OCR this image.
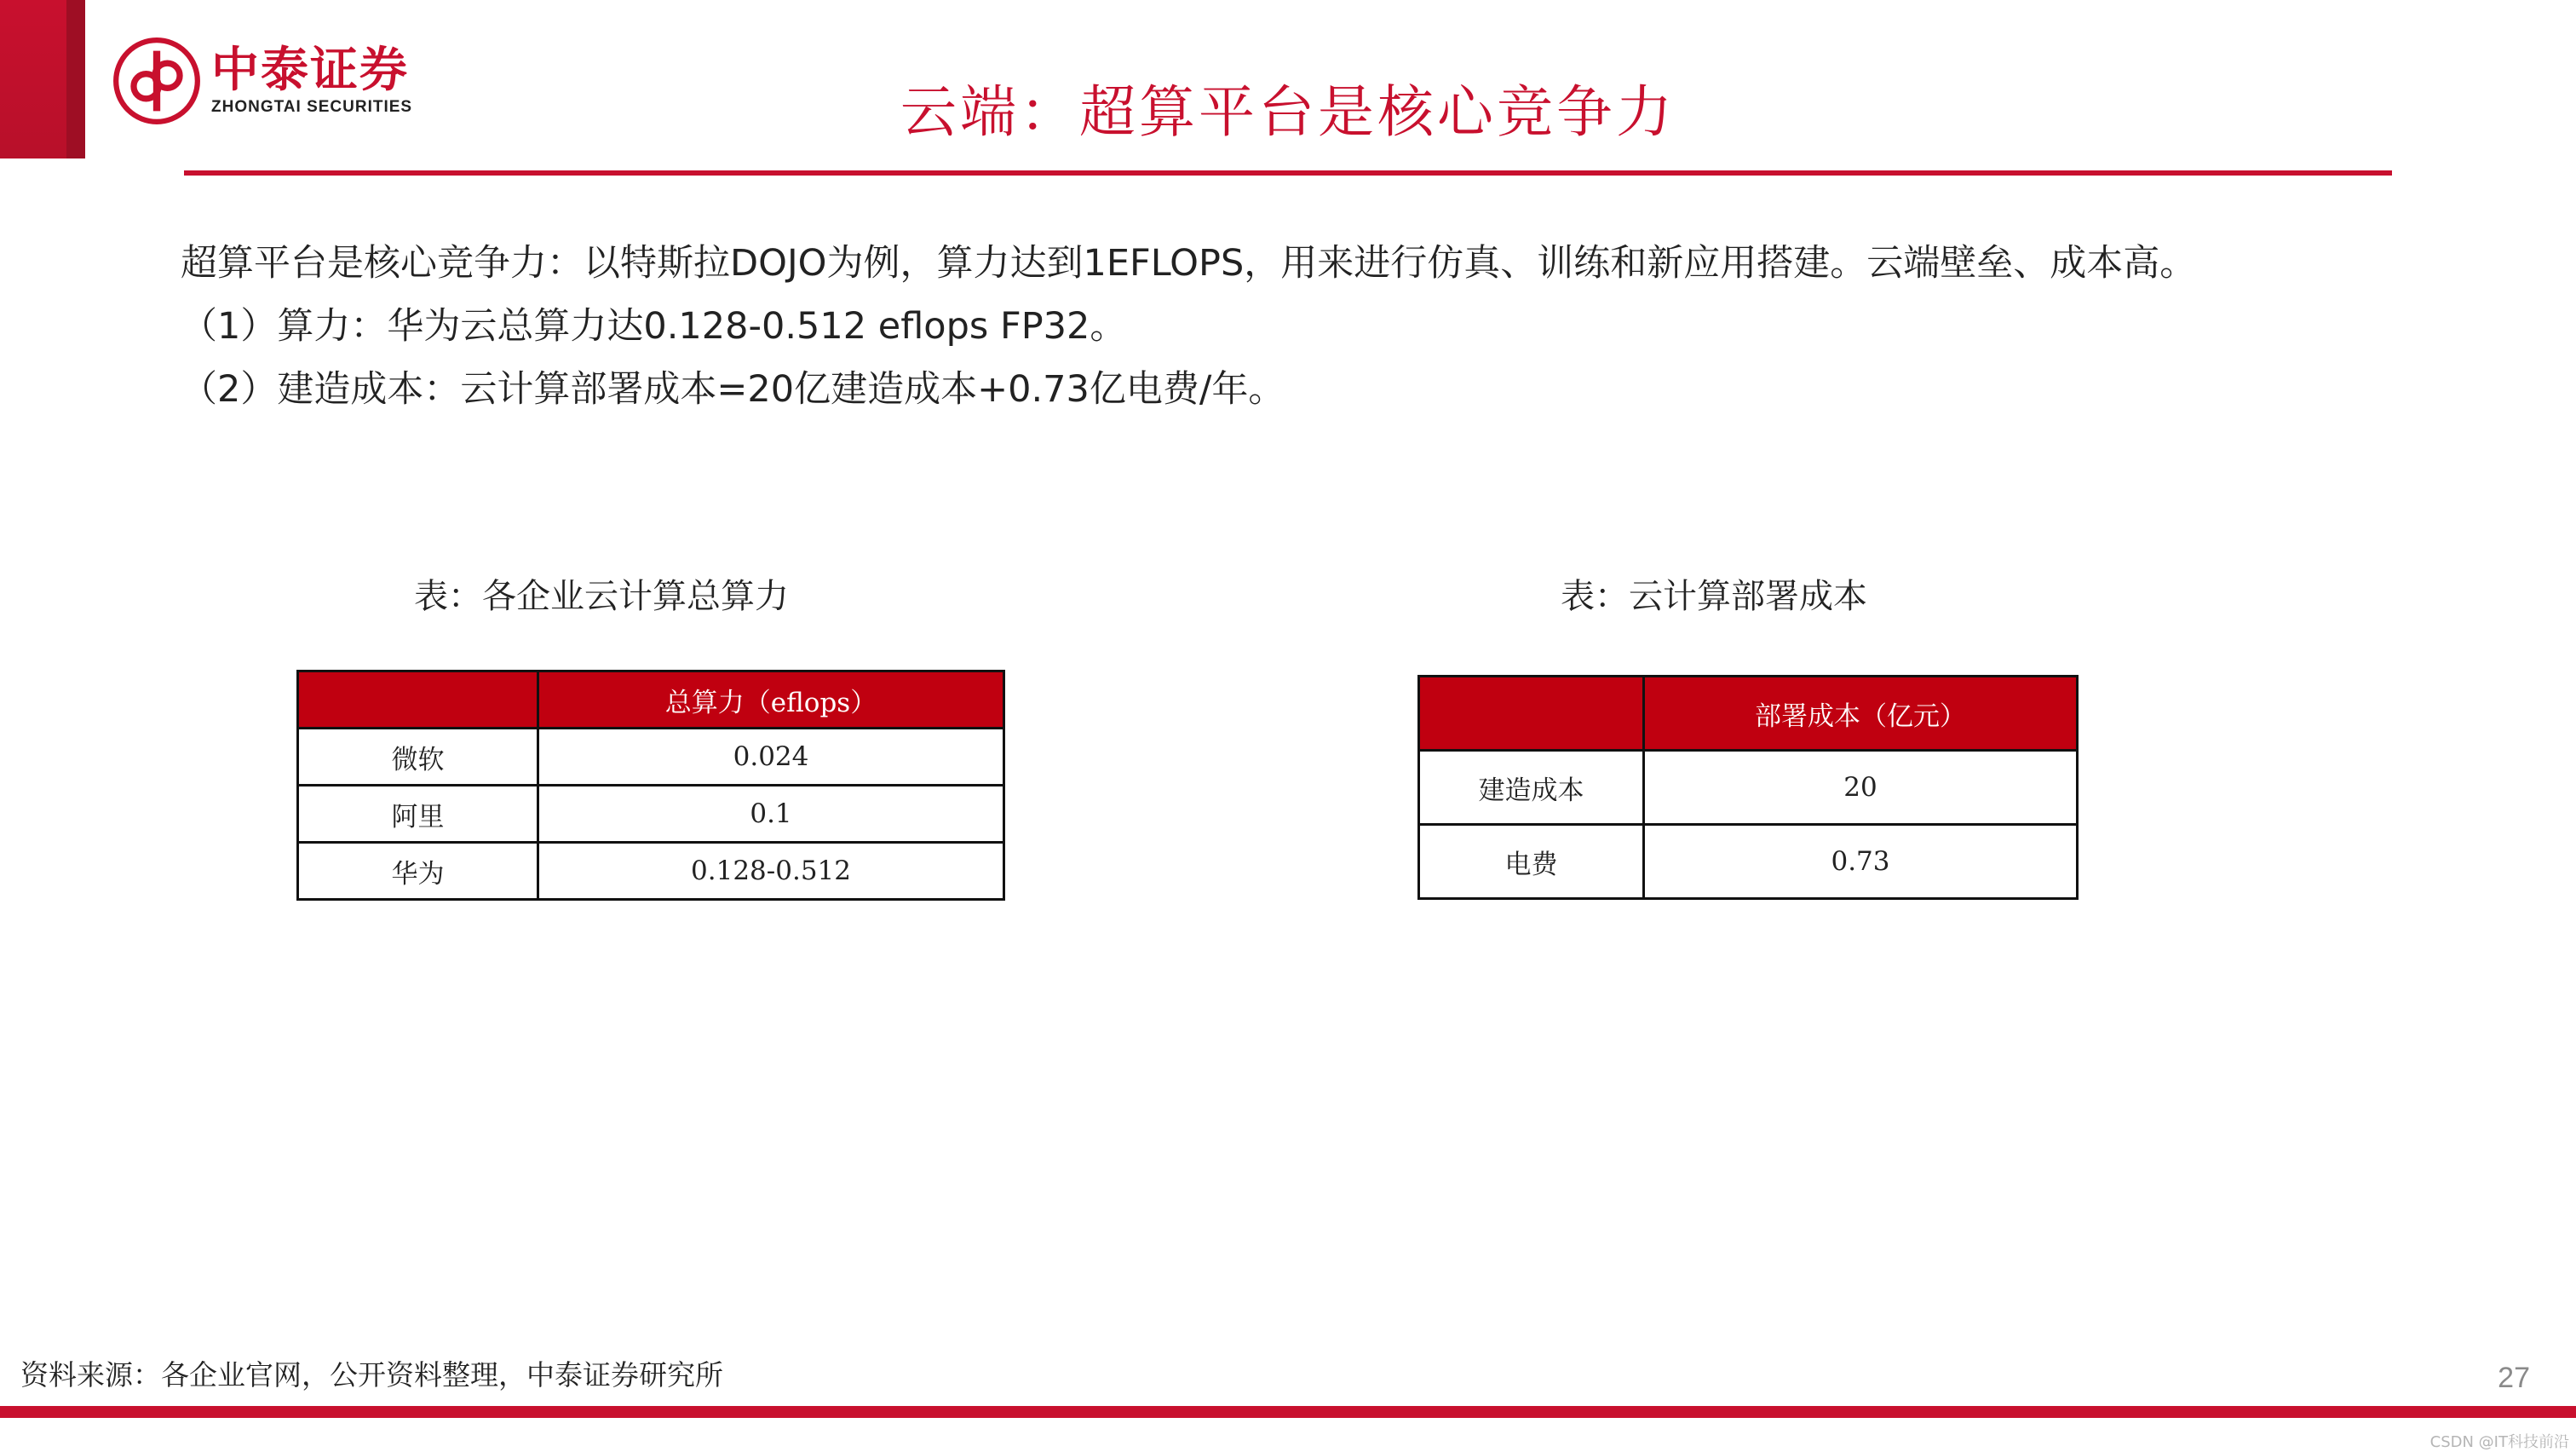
中泰证券
ZHONGTAI SECURITIES	云端：超算平台是核心竞争力

超算平台是核心竞争力：以特斯拉DOJO为例，算力达到1EFLOPS，用来进行仿真、训练和新应用搭建。云端壁垒、成本高。

（1）算力：华为云总算力达0.128-0.512 eflops FP32。

（2）建造成本：云计算部署成本=20亿建造成本+0.73亿电费/年。

表：各企业云计算总算力
	总算力（eflops）
微软	0.024
阿里	0.1
华为	0.128-0.512
表：云计算部署成本
	部署成本（亿元）
建造成本	20
电费	0.73
资料来源：各企业官网，公开资料整理，中泰证券研究所	27
CSDN @IT科技前沿
